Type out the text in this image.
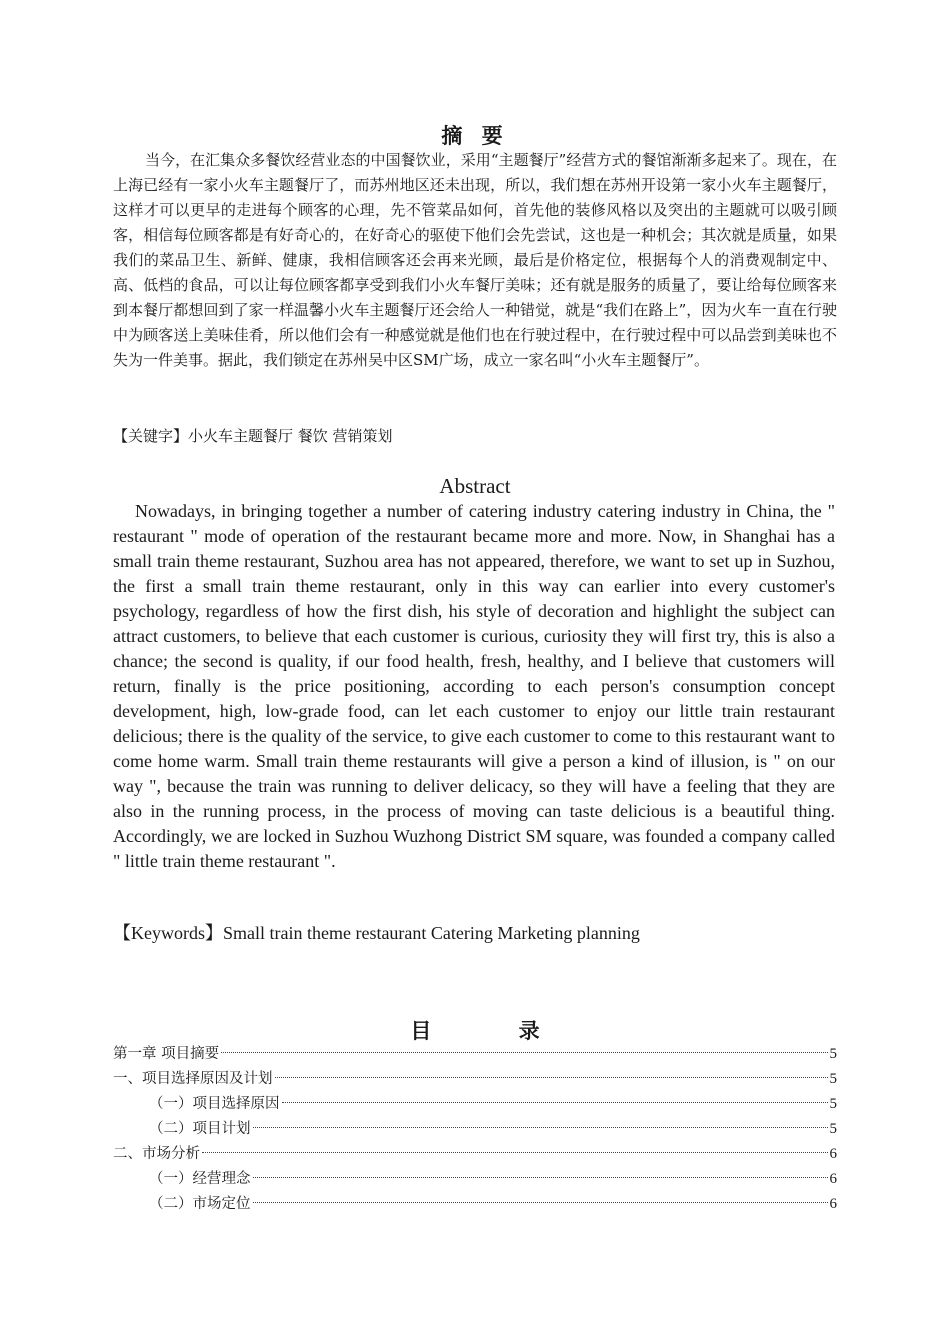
摘 要

当今，在汇集众多餐饮经营业态的中国餐饮业，采用“主题餐厅”经营方式的餐馆渐渐多起来了。现在，在上海已经有一家小火车主题餐厅了，而苏州地区还未出现，所以，我们想在苏州开设第一家小火车主题餐厅，这样才可以更早的走进每个顾客的心理，先不管菜品如何，首先他的装修风格以及突出的主题就可以吸引顾客，相信每位顾客都是有好奇心的，在好奇心的驱使下他们会先尝试，这也是一种机会；其次就是质量，如果我们的菜品卫生、新鲜、健康，我相信顾客还会再来光顾，最后是价格定位，根据每个人的消费观制定中、高、低档的食品，可以让每位顾客都享受到我们小火车餐厅美味；还有就是服务的质量了，要让给每位顾客来到本餐厅都想回到了家一样温馨小火车主题餐厅还会给人一种错觉，就是“我们在路上”，因为火车一直在行驶中为顾客送上美味佳肴，所以他们会有一种感觉就是他们也在行驶过程中，在行驶过程中可以品尝到美味也不失为一件美事。据此，我们锁定在苏州吴中区SM广场，成立一家名叫“小火车主题餐厅”。

【关键字】小火车主题餐厅 餐饮 营销策划
Abstract

Nowadays, in bringing together a number of catering industry catering industry in China, the " restaurant " mode of operation of the restaurant became more and more. Now, in Shanghai has a small train theme restaurant, Suzhou area has not appeared, therefore, we want to set up in Suzhou, the first a small train theme restaurant, only in this way can earlier into every customer's psychology, regardless of how the first dish, his style of decoration and highlight the subject can attract customers, to believe that each customer is curious, curiosity they will first try, this is also a chance; the second is quality, if our food health, fresh, healthy, and I believe that customers will return, finally is the price positioning, according to each person's consumption concept development, high, low-grade food, can let each customer to enjoy our little train restaurant delicious; there is the quality of the service, to give each customer to come to this restaurant want to come home warm. Small train theme restaurants will give a person a kind of illusion, is " on our way ", because the train was running to deliver delicacy, so they will have a feeling that they are also in the running process, in the process of moving can taste delicious is a beautiful thing. Accordingly, we are locked in Suzhou Wuzhong District SM square, was founded a company called " little train theme restaurant ".

【Keywords】Small train theme restaurant Catering Marketing planning
目 录
第一章 项目摘要	5
一、项目选择原因及计划	5
（一）项目选择原因	5
（二）项目计划	5
二、市场分析	6
（一）经营理念	6
（二）市场定位	6
